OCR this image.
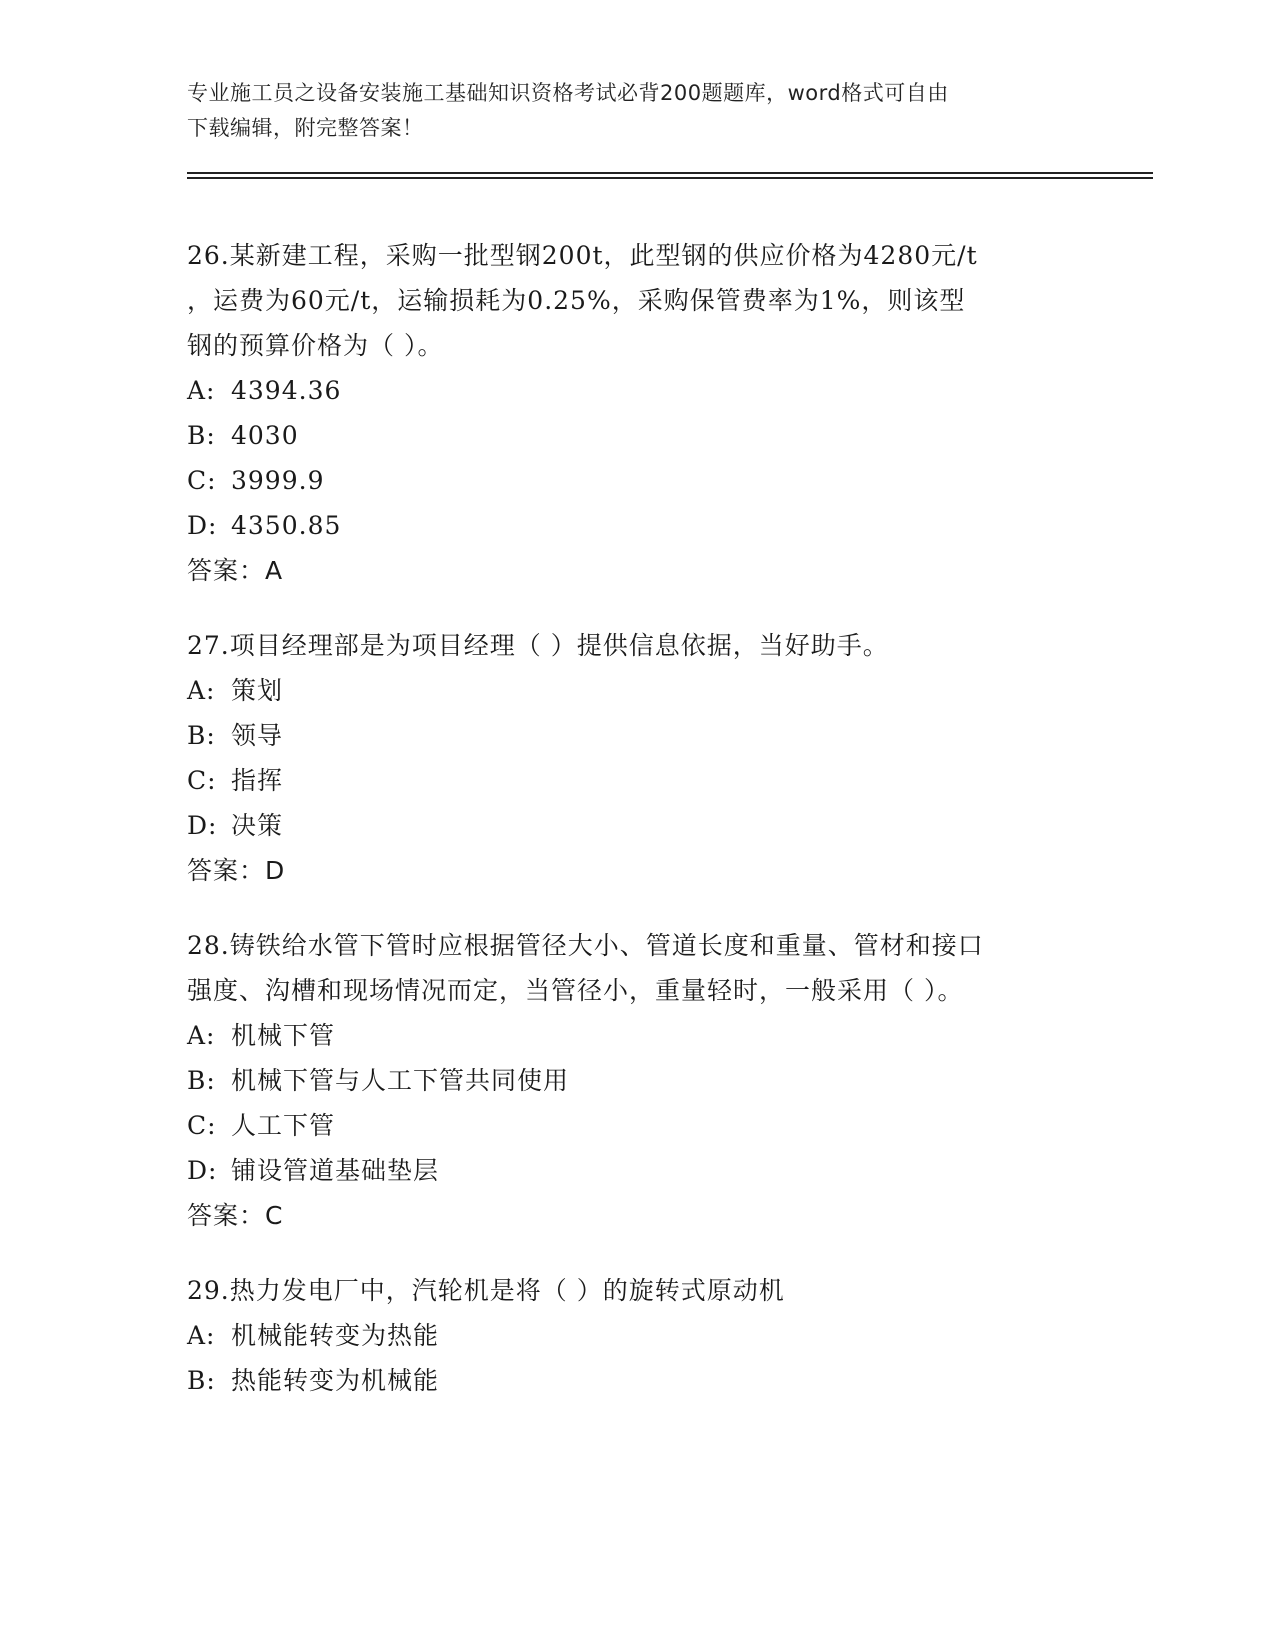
专业施工员之设备安装施工基础知识资格考试必背200题题库，word格式可自由
下载编辑，附完整答案！

26.某新建工程，采购一批型钢200t，此型钢的供应价格为4280元/t

，运费为60元/t，运输损耗为0.25%，采购保管费率为1%，则该型

钢的预算价格为（ ）。

A: 4394.36
B: 4030
C: 3999.9
D: 4350.85

答案：A

27.项目经理部是为项目经理（ ）提供信息依据，当好助手。

A: 策划
B: 领导
C: 指挥
D: 决策

答案：D

28.铸铁给水管下管时应根据管径大小、管道长度和重量、管材和接口

强度、沟槽和现场情况而定，当管径小，重量轻时，一般采用（ ）。

A: 机械下管
B: 机械下管与人工下管共同使用
C: 人工下管
D: 铺设管道基础垫层

答案：C

29.热力发电厂中，汽轮机是将（ ）的旋转式原动机

A: 机械能转变为热能
B: 热能转变为机械能
